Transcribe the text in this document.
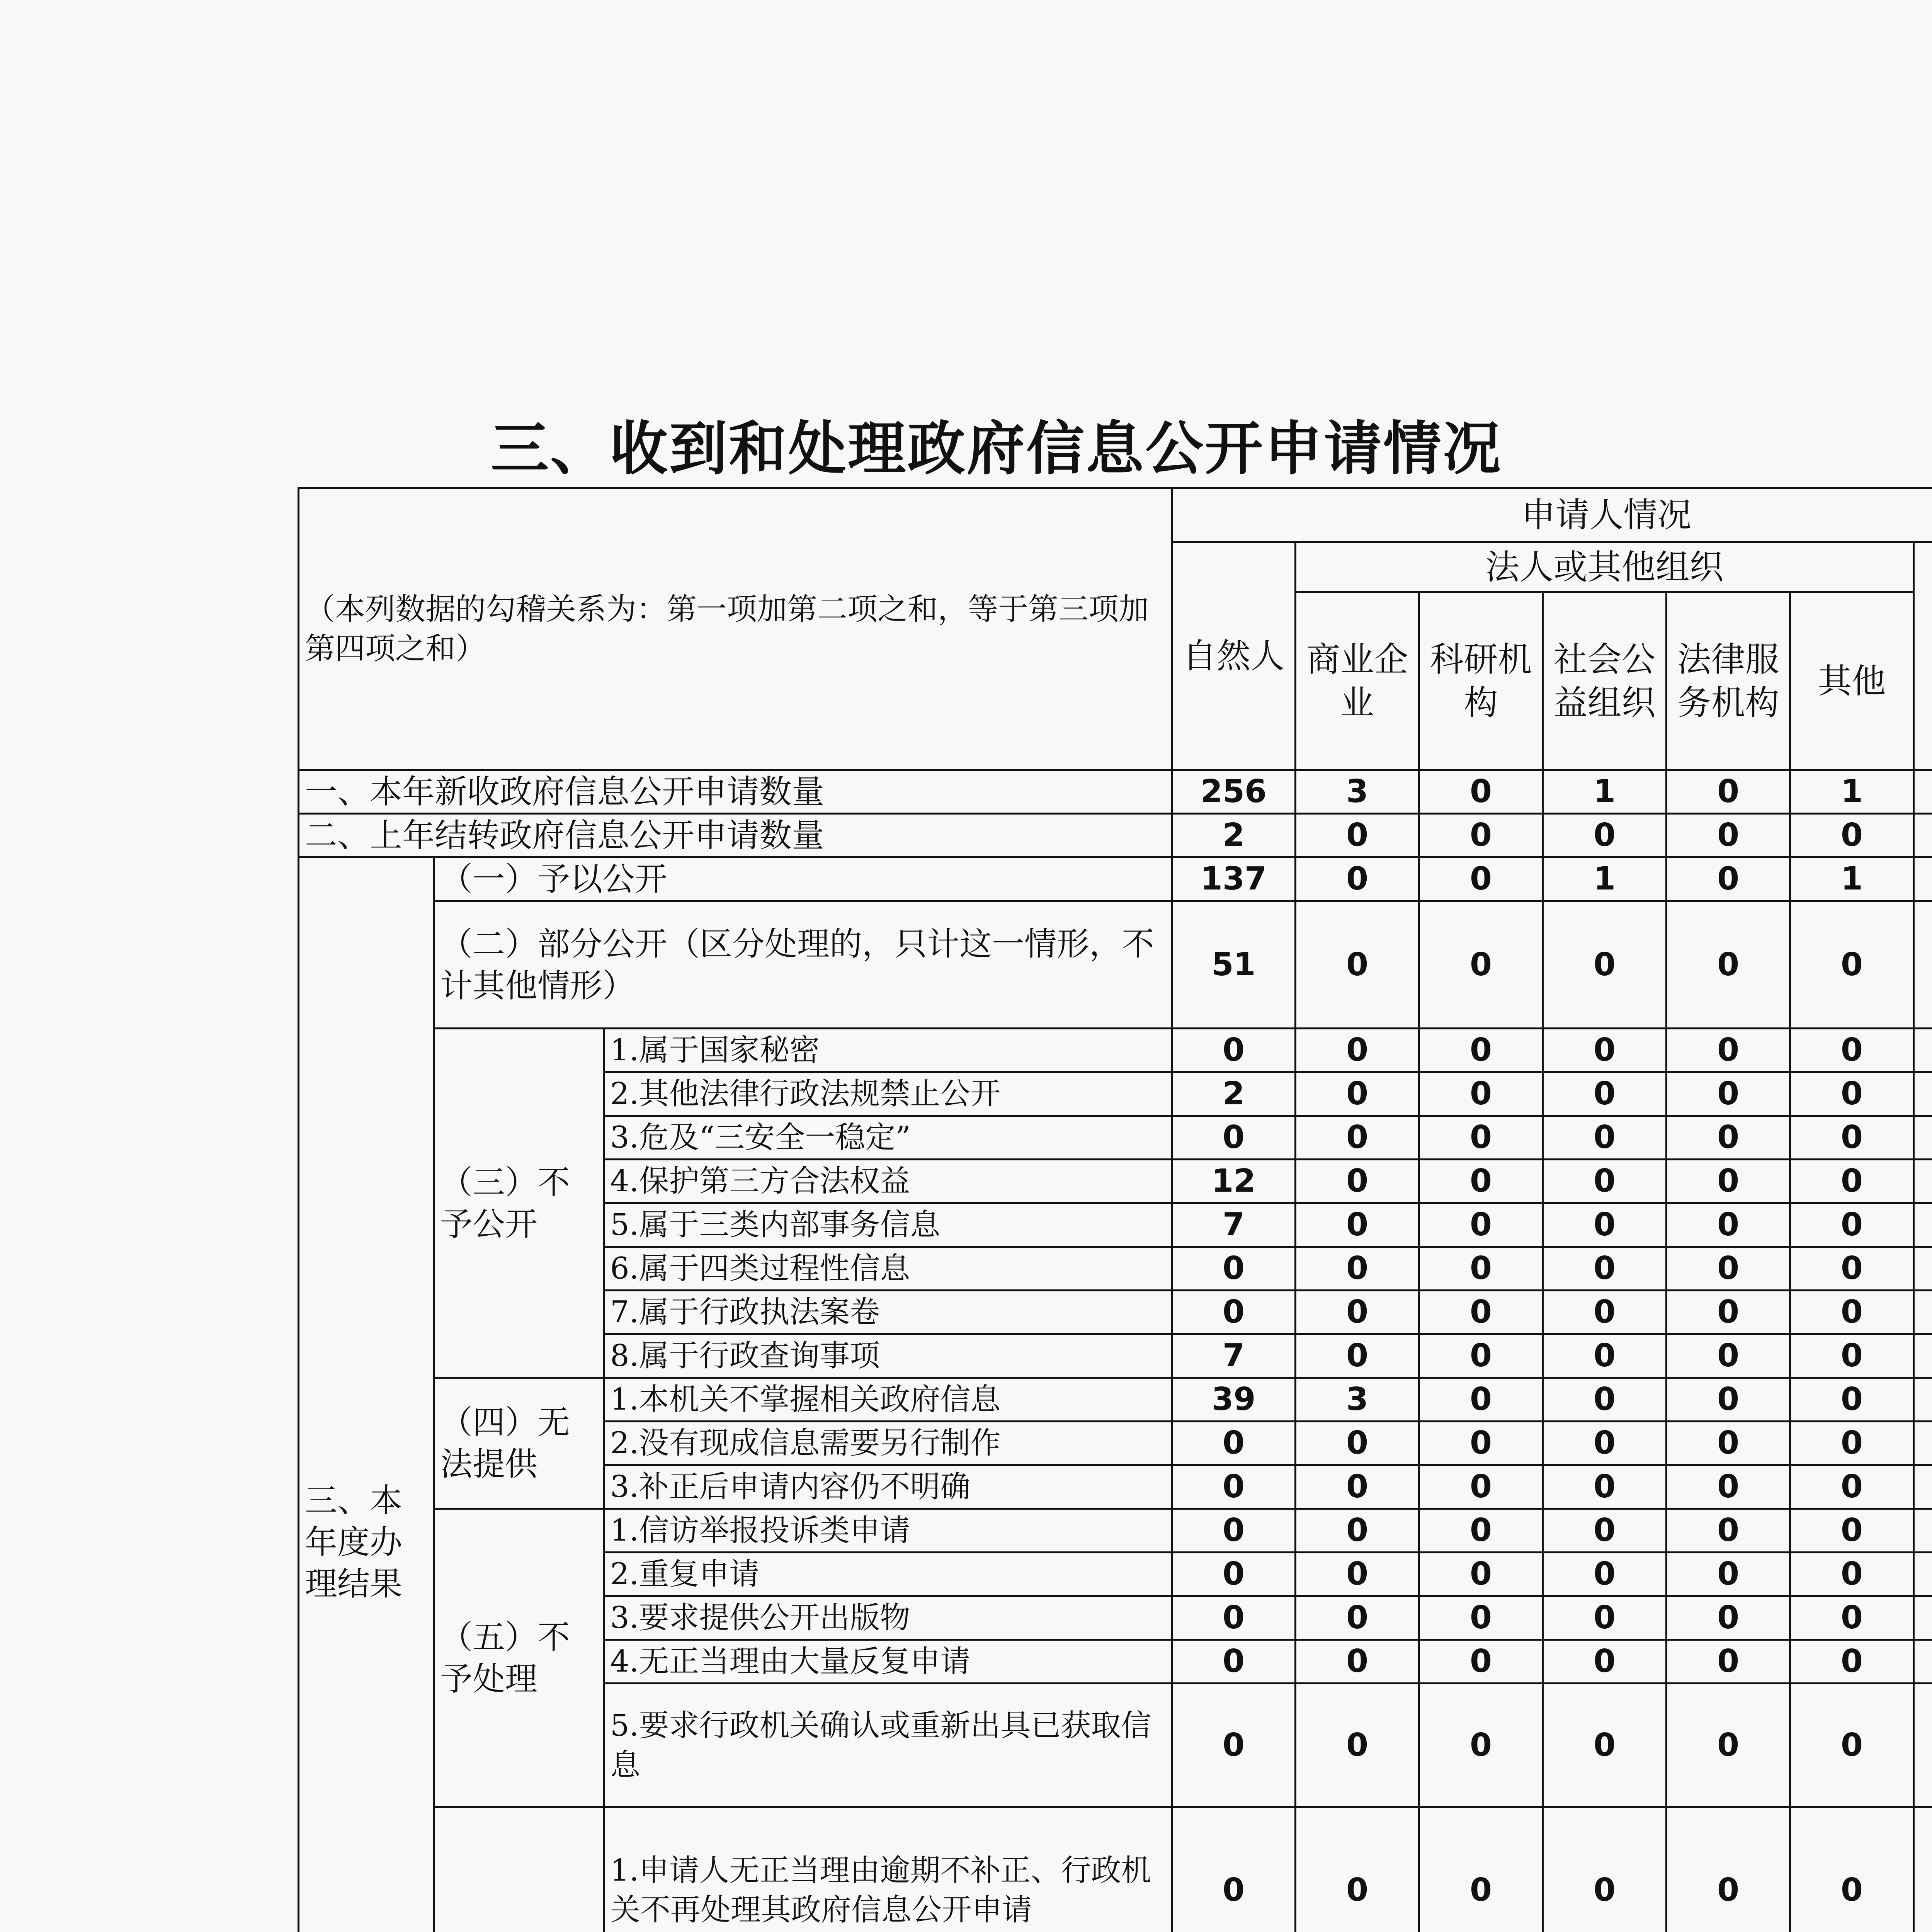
三、收到和处理政府信息公开申请情况
（本列数据的勾稽关系为：第一项加第二项之和，等于第三项加第四项之和）			申请人情况						
			自然人	法人或其他组织	
				商业企业	科研机构	社会公益组织	法律服务机构	其他	
一、本年新收政府信息公开申请数量			256	3	0	1	0	1	
二、上年结转政府信息公开申请数量			2	0	0	0	0	0	
三、本年度办理结果	（一）予以公开		137	0	0	1	0	1	
	（二）部分公开（区分处理的，只计这一情形，不计其他情形）		51	0	0	0	0	0	
	（三）不予公开	1.属于国家秘密	0	0	0	0	0	0	
		2.其他法律行政法规禁止公开	2	0	0	0	0	0	
		3.危及“三安全一稳定”	0	0	0	0	0	0	
		4.保护第三方合法权益	12	0	0	0	0	0	
		5.属于三类内部事务信息	7	0	0	0	0	0	
		6.属于四类过程性信息	0	0	0	0	0	0	
		7.属于行政执法案卷	0	0	0	0	0	0	
		8.属于行政查询事项	7	0	0	0	0	0	
	（四）无法提供	1.本机关不掌握相关政府信息	39	3	0	0	0	0	
		2.没有现成信息需要另行制作	0	0	0	0	0	0	
		3.补正后申请内容仍不明确	0	0	0	0	0	0	
	（五）不予处理	1.信访举报投诉类申请	0	0	0	0	0	0	
		2.重复申请	0	0	0	0	0	0	
		3.要求提供公开出版物	0	0	0	0	0	0	
		4.无正当理由大量反复申请	0	0	0	0	0	0	
		5.要求行政机关确认或重新出具已获取信息	0	0	0	0	0	0	
	1.申请人无正当理由逾期不补正、行政机关不再处理其政府信息公开申请	0	0	0	0	0	0	
